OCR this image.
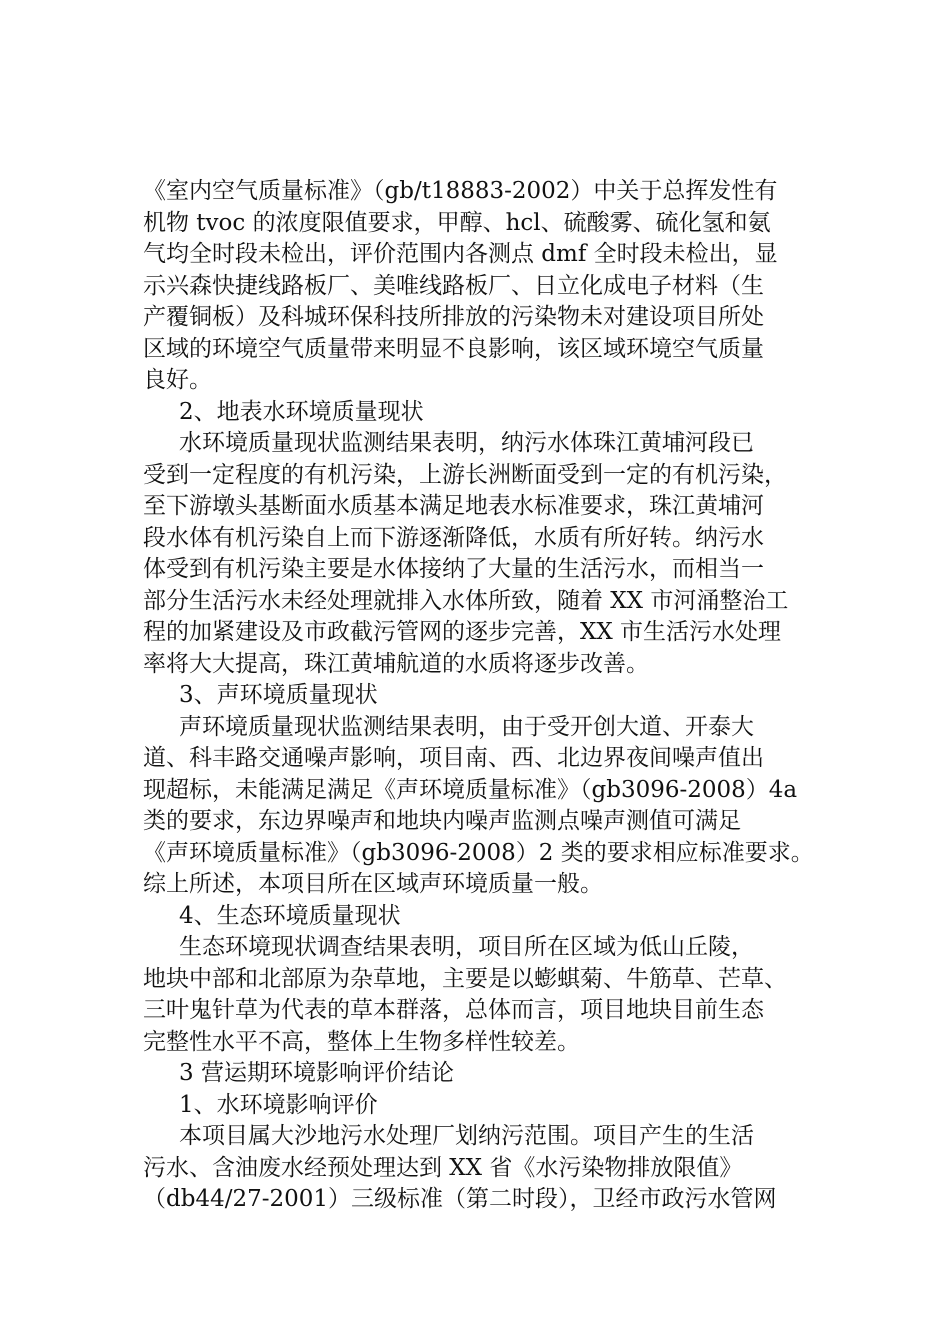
《室内空气质量标准》（gb/t18883-2002）中关于总挥发性有
机物 tvoc 的浓度限值要求，甲醇、hcl、硫酸雾、硫化氢和氨
气均全时段未检出，评价范围内各测点 dmf 全时段未检出，显
示兴森快捷线路板厂、美唯线路板厂、日立化成电子材料（生
产覆铜板）及科城环保科技所排放的污染物未对建设项目所处
区域的环境空气质量带来明显不良影响，该区域环境空气质量
良好。
2、地表水环境质量现状
水环境质量现状监测结果表明，纳污水体珠江黄埔河段已
受到一定程度的有机污染，上游长洲断面受到一定的有机污染，
至下游墩头基断面水质基本满足地表水标准要求，珠江黄埔河
段水体有机污染自上而下游逐渐降低，水质有所好转。纳污水
体受到有机污染主要是水体接纳了大量的生活污水，而相当一
部分生活污水未经处理就排入水体所致，随着 XX 市河涌整治工
程的加紧建设及市政截污管网的逐步完善，XX 市生活污水处理
率将大大提高，珠江黄埔航道的水质将逐步改善。
3、声环境质量现状
声环境质量现状监测结果表明，由于受开创大道、开泰大
道、科丰路交通噪声影响，项目南、西、北边界夜间噪声值出
现超标，未能满足满足《声环境质量标准》（gb3096-2008）4a
类的要求，东边界噪声和地块内噪声监测点噪声测值可满足
《声环境质量标准》（gb3096-2008）2 类的要求相应标准要求。
综上所述，本项目所在区域声环境质量一般。
4、生态环境质量现状
生态环境现状调查结果表明，项目所在区域为低山丘陵，
地块中部和北部原为杂草地，主要是以蟛蜞菊、牛筋草、芒草、
三叶鬼针草为代表的草本群落，总体而言，项目地块目前生态
完整性水平不高，整体上生物多样性较差。
3 营运期环境影响评价结论
1、水环境影响评价
本项目属大沙地污水处理厂划纳污范围。项目产生的生活
污水、含油废水经预处理达到 XX 省《水污染物排放限值》
（db44/27-2001）三级标准（第二时段），卫经市政污水管网
